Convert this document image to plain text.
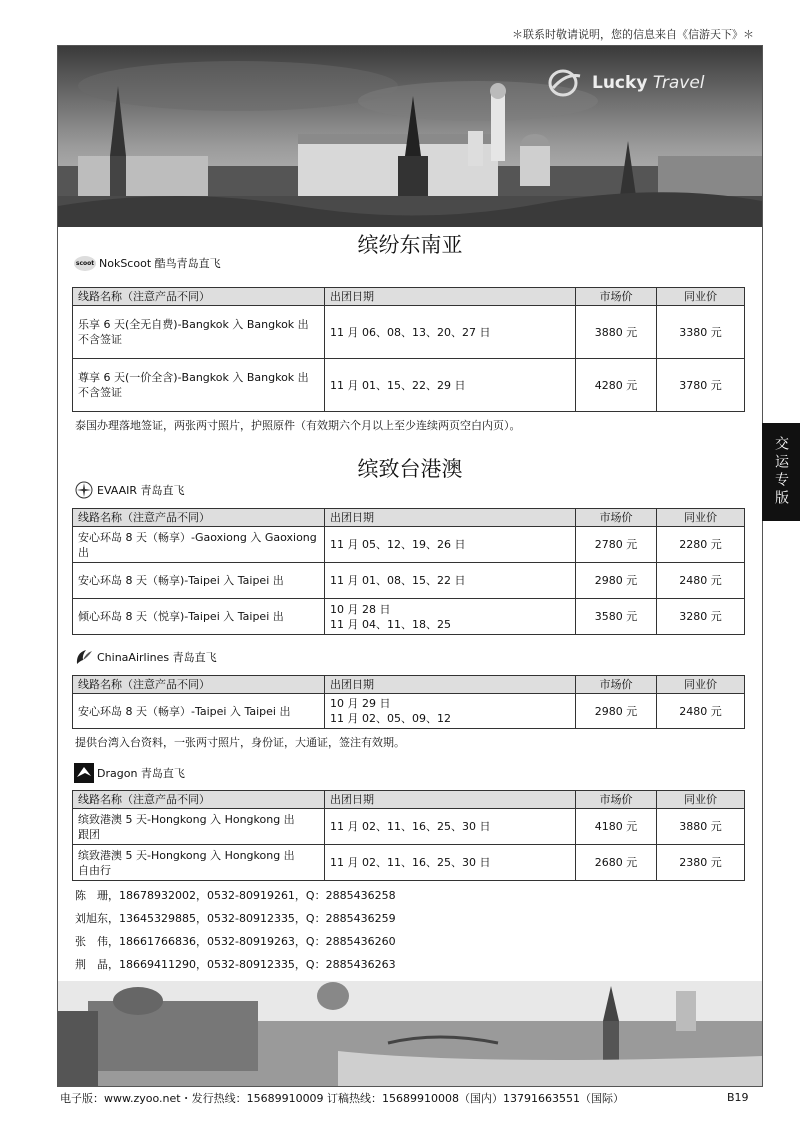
＊联系时敬请说明，您的信息来自《信游天下》＊
Lucky Travel
缤纷东南亚
scoot NokScoot 酷鸟青岛直飞
线路名称（注意产品不同）	出团日期	市场价	同业价
乐享 6 天(全无自费)-Bangkok 入 Bangkok 出
不含签证	11 月 06、08、13、20、27 日	3880 元	3380 元
尊享 6 天(一价全含)-Bangkok 入 Bangkok 出
不含签证	11 月 01、15、22、29 日	4280 元	3780 元
泰国办理落地签证，两张两寸照片，护照原件（有效期六个月以上至少连续两页空白内页）。
缤致台港澳
EVAAIR 青岛直飞
线路名称（注意产品不同）	出团日期	市场价	同业价
安心环岛 8 天（畅享）-Gaoxiong 入 Gaoxiong 出	11 月 05、12、19、26 日	2780 元	2280 元
安心环岛 8 天（畅享)-Taipei 入 Taipei 出	11 月 01、08、15、22 日	2980 元	2480 元
倾心环岛 8 天（悦享)-Taipei 入 Taipei 出	10 月 28 日
11 月 04、11、18、25	3580 元	3280 元
ChinaAirlines 青岛直飞
线路名称（注意产品不同）	出团日期	市场价	同业价
安心环岛 8 天（畅享）-Taipei 入 Taipei 出	10 月 29 日
11 月 02、05、09、12	2980 元	2480 元
提供台湾入台资料，一张两寸照片，身份证，大通证，签注有效期。
Dragon 青岛直飞
线路名称（注意产品不同）	出团日期	市场价	同业价
缤致港澳 5 天-Hongkong 入 Hongkong 出
跟团	11 月 02、11、16、25、30 日	4180 元	3880 元
缤致港澳 5 天-Hongkong 入 Hongkong 出
自由行	11 月 02、11、16、25、30 日	2680 元	2380 元
陈　珊，18678932002，0532-80919261，Q：2885436258
刘旭东，13645329885，0532-80912335，Q：2885436259
张　伟，18661766836，0532-80919263，Q：2885436260
荆　晶，18669411290，0532-80912335，Q：2885436263
交运专版
电子版：www.zyoo.net・发行热线：15689910009 订稿热线：15689910008（国内）13791663551（国际）	B19
